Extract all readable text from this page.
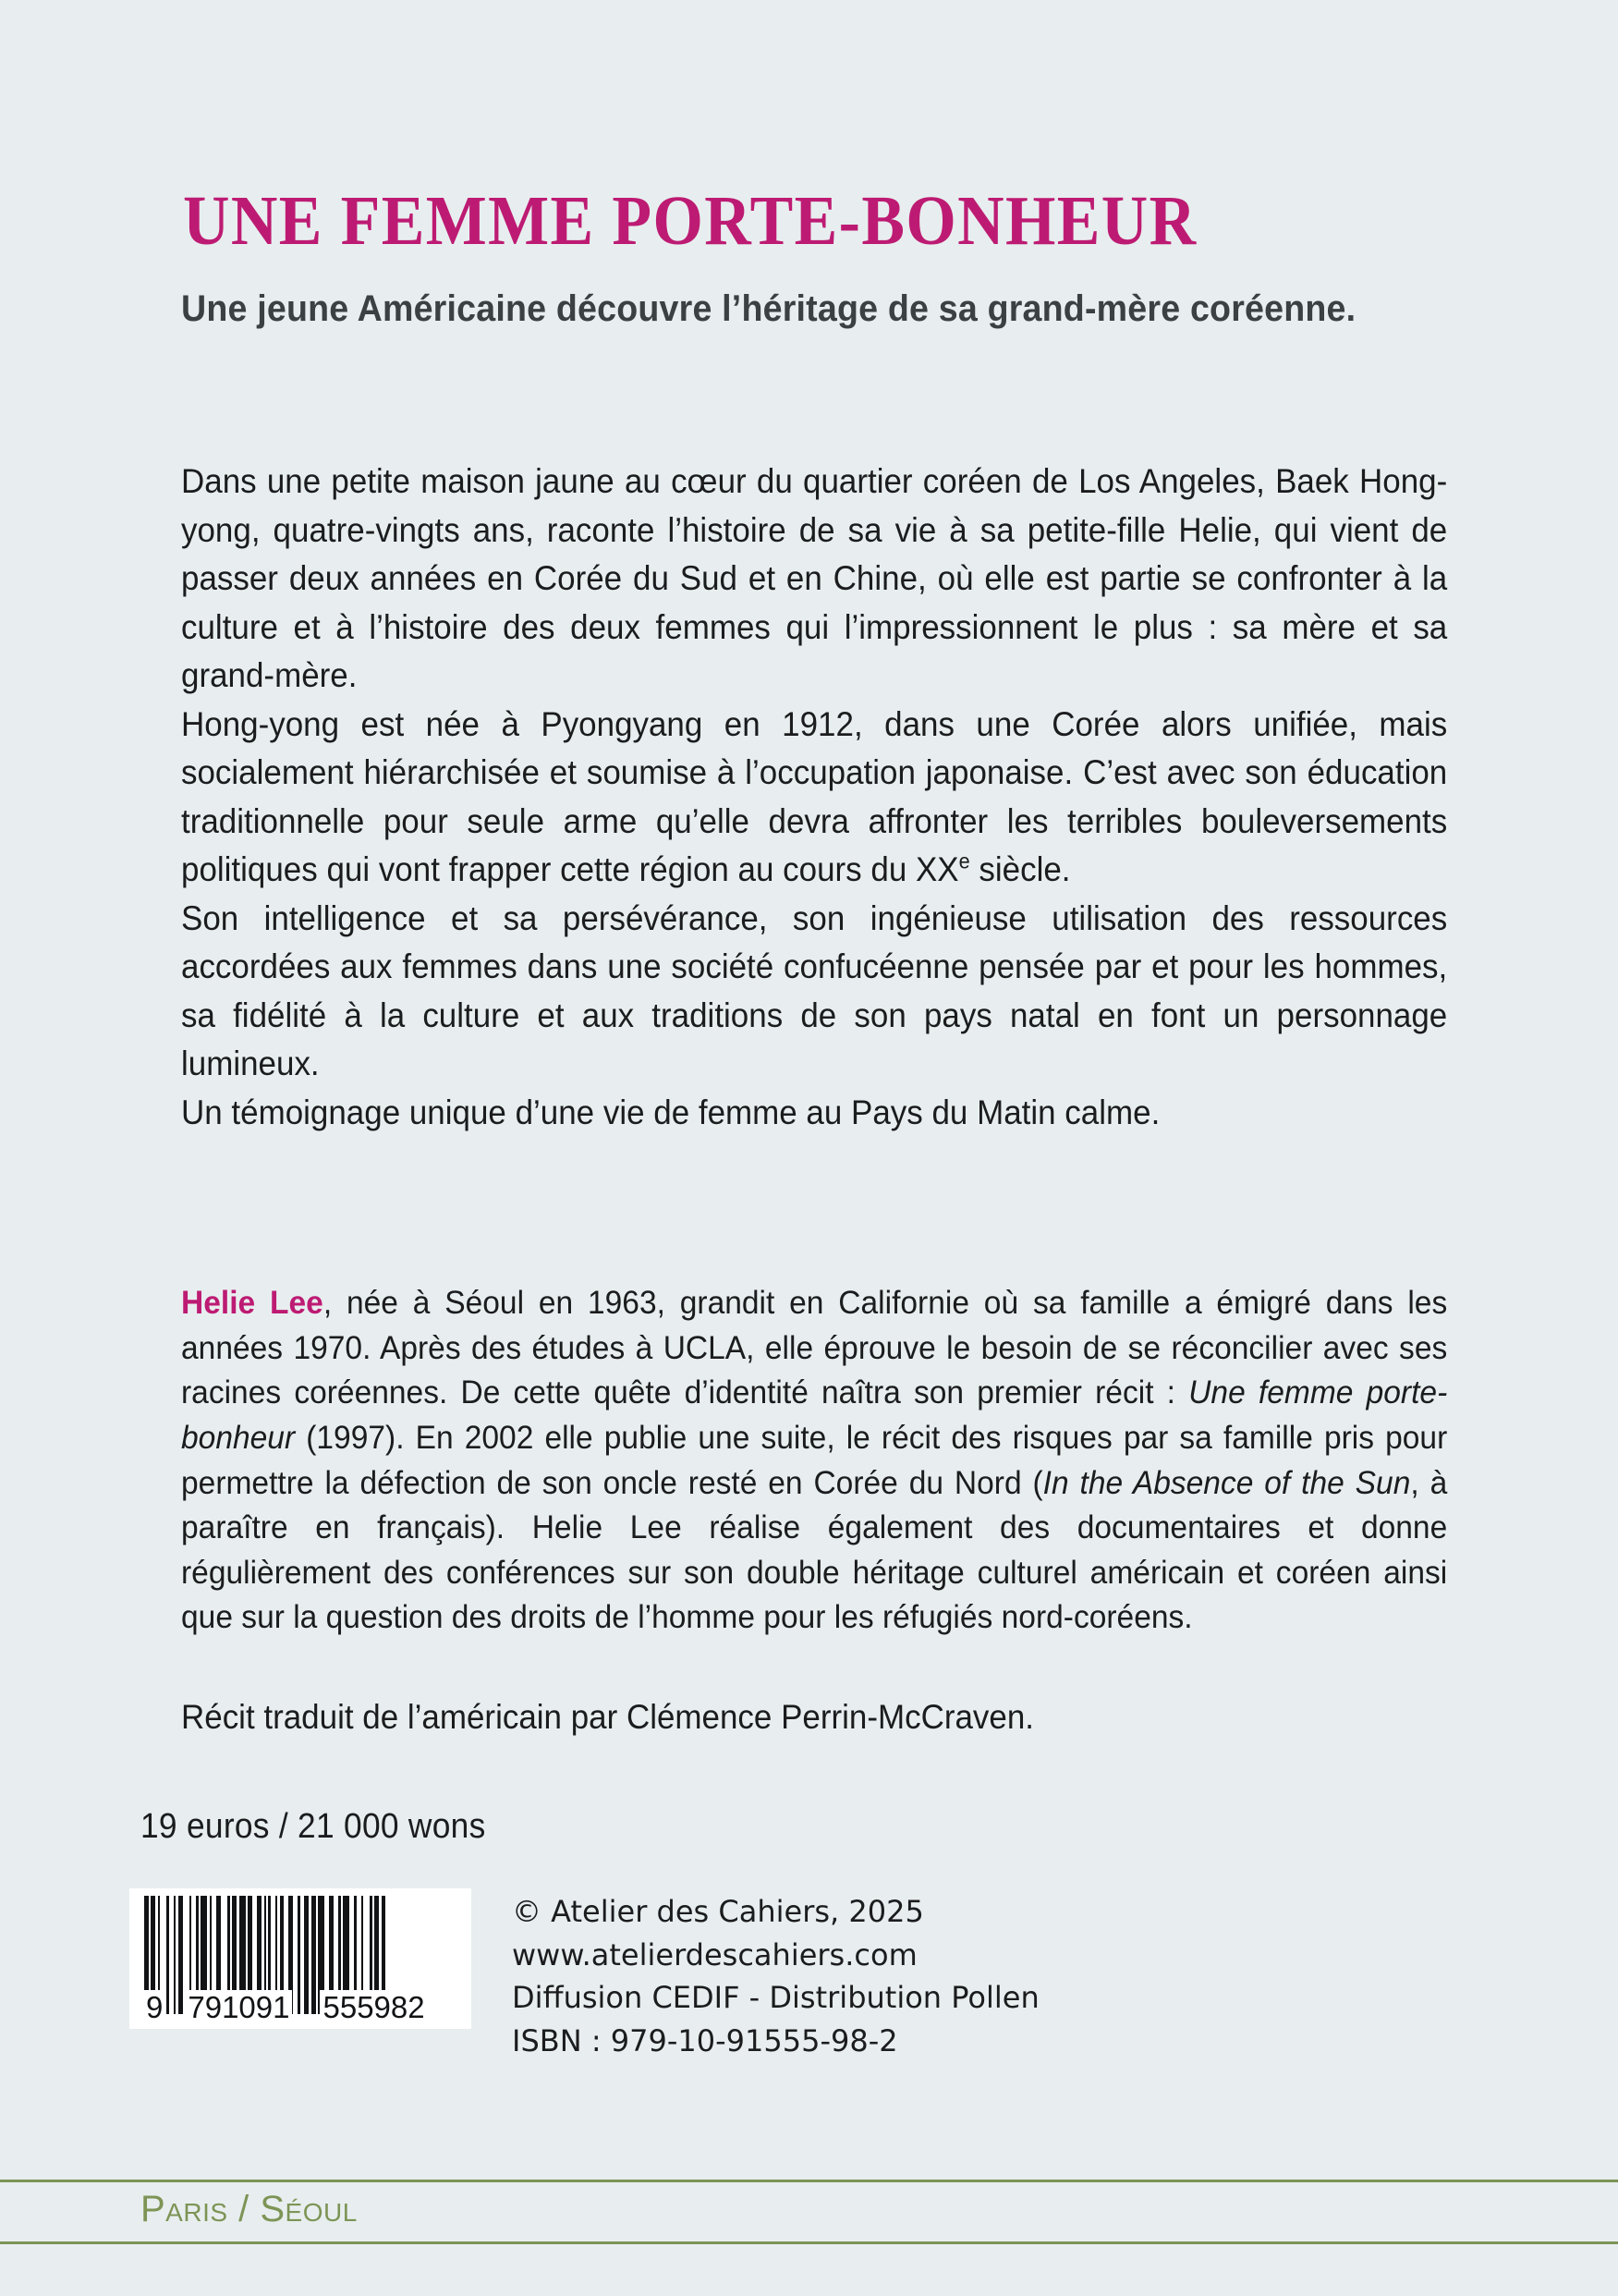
UNE FEMME PORTE-BONHEUR
Une jeune Américaine découvre l’héritage de sa grand-mère coréenne.

Dans une petite maison jaune au cœur du quartier coréen de Los Angeles, Baek Hong-yong, quatre-vingts ans, raconte l’histoire de sa vie à sa petite-fille Helie, qui vient de passer deux années en Corée du Sud et en Chine, où elle est partie se confronter à la culture et à l’histoire des deux femmes qui l’impressionnent le plus : sa mère et sa grand-mère.

Hong-yong est née à Pyongyang en 1912, dans une Corée alors unifiée, mais socialement hiérarchisée et soumise à l’occupation japonaise. C’est avec son éducation traditionnelle pour seule arme qu’elle devra affronter les terribles bouleversements politiques qui vont frapper cette région au cours du XXe siècle.

Son intelligence et sa persévérance, son ingénieuse utilisation des ressources accordées aux femmes dans une société confucéenne pensée par et pour les hommes, sa fidélité à la culture et aux traditions de son pays natal en font un personnage lumineux.

Un témoignage unique d’une vie de femme au Pays du Matin calme.

Helie Lee, née à Séoul en 1963, grandit en Californie où sa famille a émigré dans les années 1970. Après des études à UCLA, elle éprouve le besoin de se réconcilier avec ses racines coréennes. De cette quête d’identité naîtra son premier récit : Une femme porte-bonheur (1997). En 2002 elle publie une suite, le récit des risques par sa famille pris pour permettre la défection de son oncle resté en Corée du Nord (In the Absence of the Sun, à paraître en français). Helie Lee réalise également des documentaires et donne régulièrement des conférences sur son double héritage culturel américain et coréen ainsi que sur la question des droits de l’homme pour les réfugiés nord-coréens.

Récit traduit de l’américain par Clémence Perrin-McCraven.
19 euros / 21 000 wons
9 791091 555982
© Atelier des Cahiers, 2025
www.atelierdescahiers.com
Diffusion CEDIF - Distribution Pollen
ISBN : 979-10-91555-98-2
Paris / Séoul
